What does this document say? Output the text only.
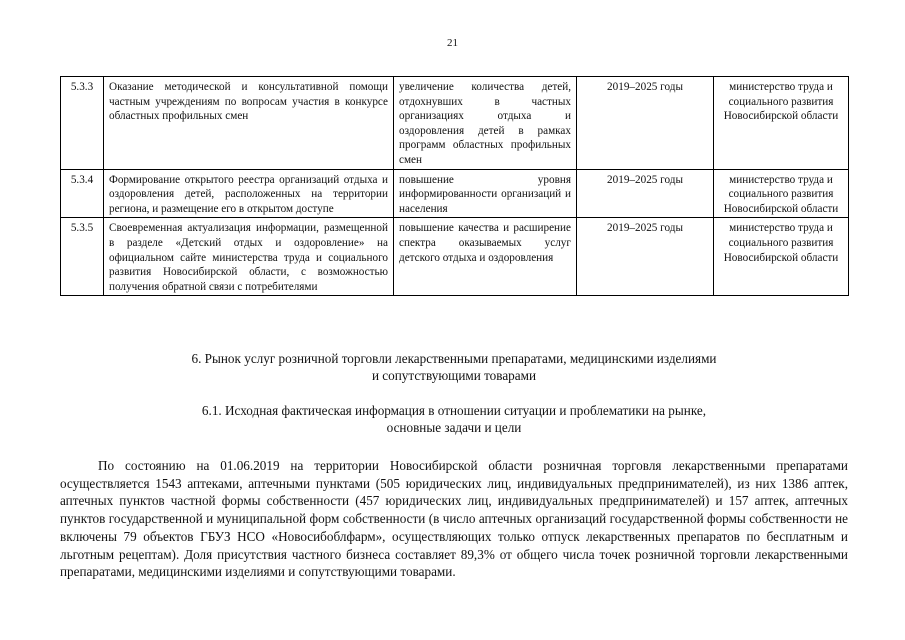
21
5.3.3	Оказание методической и консультативной помощи частным учреждениям по вопросам участия в конкурсе областных профильных смен	увеличение количества детей, отдохнувших в частных организациях отдыха и оздоровления детей в рамках программ областных профильных смен	2019–2025 годы	министерство труда и социального развития Новосибирской области
5.3.4	Формирование открытого реестра организаций отдыха и оздоровления детей, расположенных на территории региона, и размещение его в открытом доступе	повышение уровня информированности организаций и населения	2019–2025 годы	министерство труда и социального развития Новосибирской области
5.3.5	Своевременная актуализация информации, размещенной в разделе «Детский отдых и оздоровление» на официальном сайте министерства труда и социального развития Новосибирской области, с возможностью получения обратной связи с потребителями	повышение качества и расширение спектра оказываемых услуг детского отдыха и оздоровления	2019–2025 годы	министерство труда и социального развития Новосибирской области
6. Рынок услуг розничной торговли лекарственными препаратами, медицинскими изделиями
и сопутствующими товарами
6.1. Исходная фактическая информация в отношении ситуации и проблематики на рынке,
основные задачи и цели

По состоянию на 01.06.2019 на территории Новосибирской области розничная торговля лекарственными препаратами осуществляется 1543 аптеками, аптечными пунктами (505 юридических лиц, индивидуальных предпринимателей), из них 1386 аптек, аптечных пунктов частной формы собственности (457 юридических лиц, индивидуальных предпринимателей) и 157 аптек, аптечных пунктов государственной и муниципальной форм собственности (в число аптечных организаций государственной формы собственности не включены 79 объектов ГБУЗ НСО «Новосибоблфарм», осуществляющих только отпуск лекарственных препаратов по бесплатным и льготным рецептам). Доля присутствия частного бизнеса составляет 89,3% от общего числа точек розничной торговли лекарственными препаратами, медицинскими изделиями и сопутствующими товарами.
